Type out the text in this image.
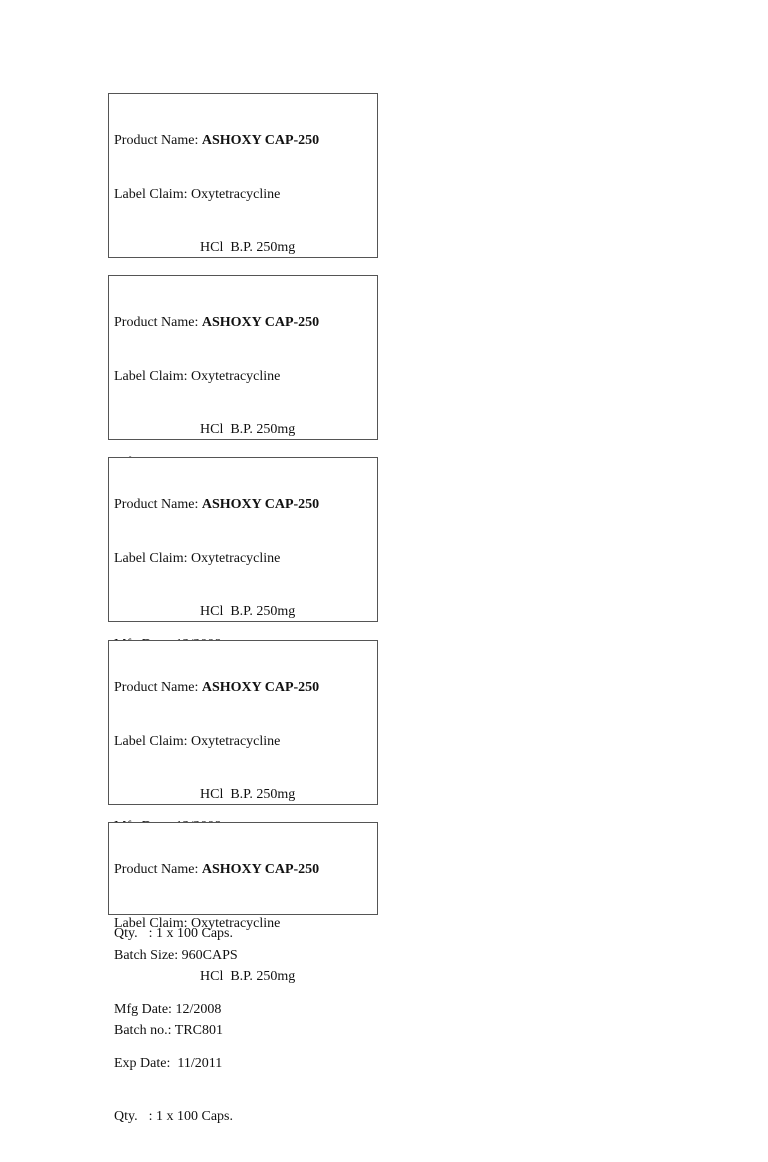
Product Name: ASHOXY CAP-250

Label Claim: Oxytetracycline

HCl  B.P. 250mg

Product Name: ASHOXY CAP-250

Label Claim: Oxytetracycline

HCl  B.P. 250mg

Product Name: ASHOXY CAP-250

Label Claim: Oxytetracycline

HCl  B.P. 250mg

Qty. : 1 x 100 Caps.

Product Name: ASHOXY CAP-250

Label Claim: Oxytetracycline

HCl  B.P. 250mg

Batch Size: 960CAPS

Mfg Date: 12/2008

Exp Date:  11/2011

Qty. : 1 x 100 Caps.

Product Name: ASHOXY CAP-250

Label Claim: Oxytetracycline

HCl  B.P. 250mg

Batch no.: TRC801
